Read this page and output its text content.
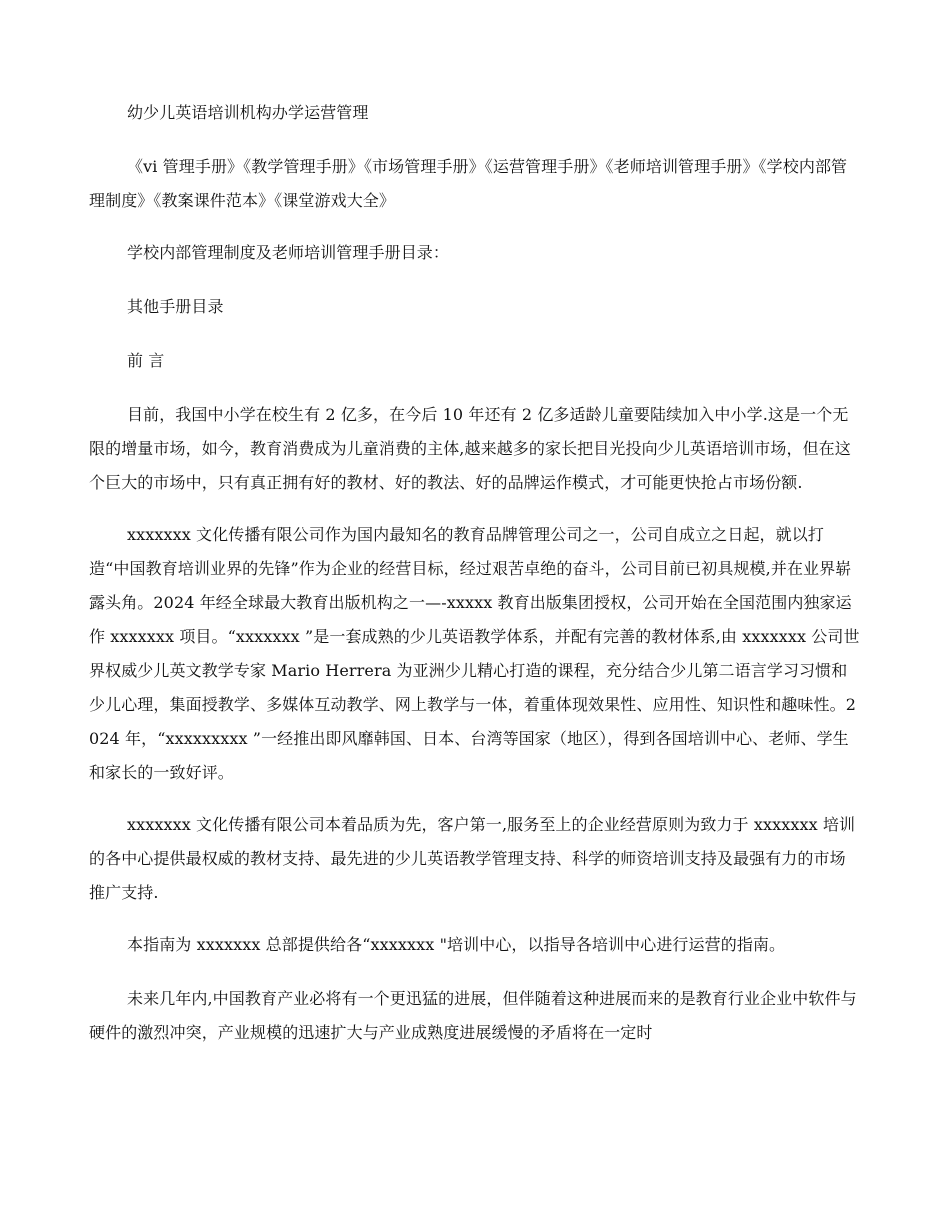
幼少儿英语培训机构办学运营管理

《vi 管理手册》《教学管理手册》《市场管理手册》《运营管理手册》《老师培训管理手册》《学校内部管理制度》《教案课件范本》《课堂游戏大全》

学校内部管理制度及老师培训管理手册目录：

其他手册目录

前 言

目前，我国中小学在校生有 2 亿多，在今后 10 年还有 2 亿多适龄儿童要陆续加入中小学.这是一个无限的增量市场，如今，教育消费成为儿童消费的主体,越来越多的家长把目光投向少儿英语培训市场，但在这个巨大的市场中，只有真正拥有好的教材、好的教法、好的品牌运作模式，才可能更快抢占市场份额.

xxxxxxx 文化传播有限公司作为国内最知名的教育品牌管理公司之一，公司自成立之日起，就以打造“中国教育培训业界的先锋”作为企业的经营目标，经过艰苦卓绝的奋斗，公司目前已初具规模,并在业界崭露头角。2024 年经全球最大教育出版机构之一—-xxxxx 教育出版集团授权，公司开始在全国范围内独家运作 xxxxxxx 项目。“xxxxxxx ”是一套成熟的少儿英语教学体系，并配有完善的教材体系,由 xxxxxxx 公司世界权威少儿英文教学专家 Mario Herrera 为亚洲少儿精心打造的课程，充分结合少儿第二语言学习习惯和少儿心理，集面授教学、多媒体互动教学、网上教学与一体，着重体现效果性、应用性、知识性和趣味性。2024 年，“xxxxxxxxx ”一经推出即风靡韩国、日本、台湾等国家（地区），得到各国培训中心、老师、学生和家长的一致好评。

xxxxxxx 文化传播有限公司本着品质为先，客户第一,服务至上的企业经营原则为致力于 xxxxxxx 培训的各中心提供最权威的教材支持、最先进的少儿英语教学管理支持、科学的师资培训支持及最强有力的市场推广支持.

本指南为 xxxxxxx 总部提供给各“xxxxxxx "培训中心，以指导各培训中心进行运营的指南。

未来几年内,中国教育产业必将有一个更迅猛的进展，但伴随着这种进展而来的是教育行业企业中软件与硬件的激烈冲突，产业规模的迅速扩大与产业成熟度进展缓慢的矛盾将在一定时
